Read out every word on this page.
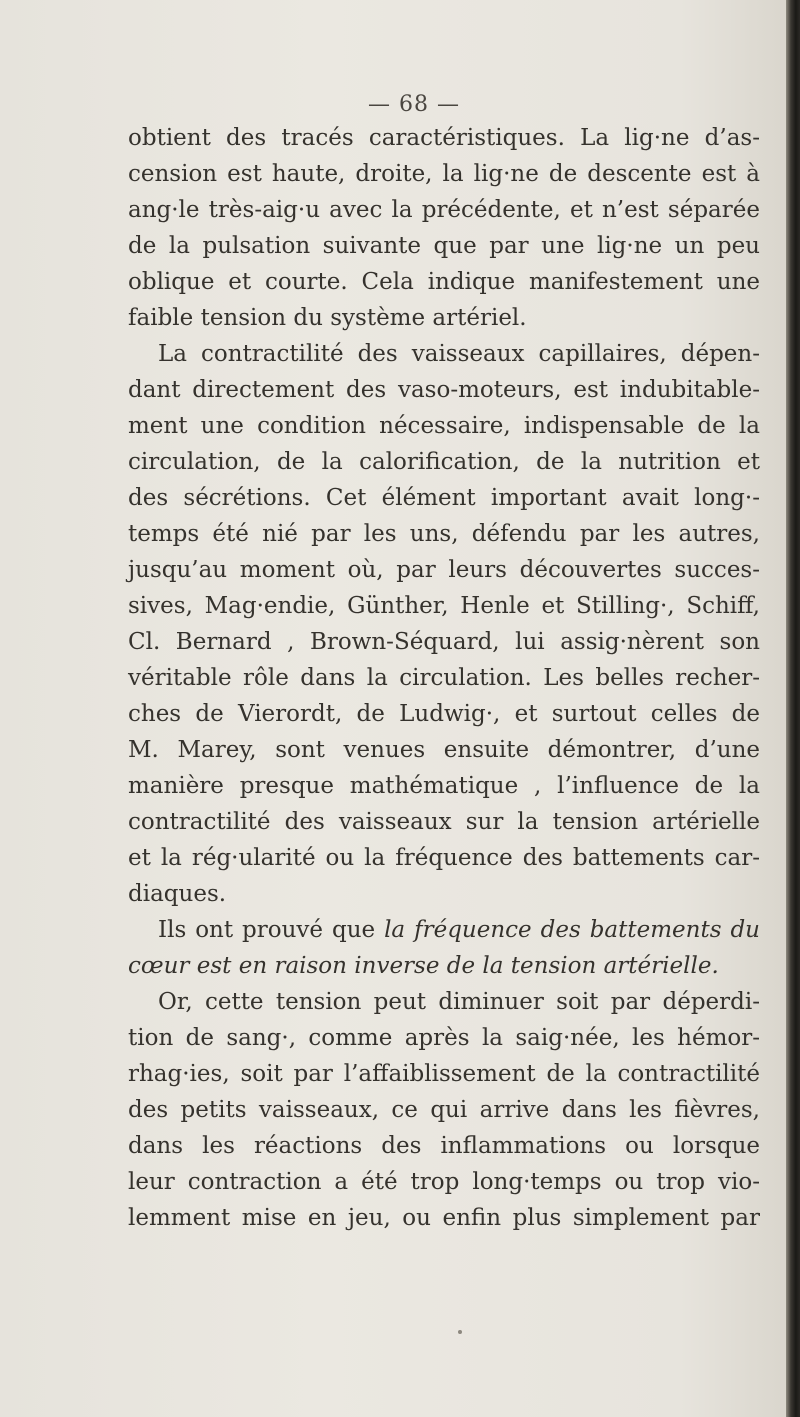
— 68 —
obtient des tracés caractéristiques. La lig·ne d’as-
cension est haute, droite, la lig·ne de descente est à
ang·le très-aig·u avec la précédente, et n’est séparée
de la pulsation suivante que par une lig·ne un peu
oblique et courte. Cela indique manifestement une
faible tension du système artériel.
La contractilité des vaisseaux capillaires, dépen-
dant directement des vaso-moteurs, est indubitable-
ment une condition nécessaire, indispensable de la
circulation, de la calorification, de la nutrition et
des sécrétions. Cet élément important avait long·-
temps été nié par les uns, défendu par les autres,
jusqu’au moment où, par leurs découvertes succes-
sives, Mag·endie, Günther, Henle et Stilling·, Schiff,
Cl. Bernard , Brown-Séquard, lui assig·nèrent son
véritable rôle dans la circulation. Les belles recher-
ches de Vierordt, de Ludwig·, et surtout celles de
M. Marey, sont venues ensuite démontrer, d’une
manière presque mathématique , l’influence de la
contractilité des vaisseaux sur la tension artérielle
et la rég·ularité ou la fréquence des battements car-
diaques.
Ils ont prouvé que la fréquence des battements du
cœur est en raison inverse de la tension artérielle.
Or, cette tension peut diminuer soit par déperdi-
tion de sang·, comme après la saig·née, les hémor-
rhag·ies, soit par l’affaiblissement de la contractilité
des petits vaisseaux, ce qui arrive dans les fièvres,
dans les réactions des inflammations ou lorsque
leur contraction a été trop long·temps ou trop vio-
lemment mise en jeu, ou enfin plus simplement par
